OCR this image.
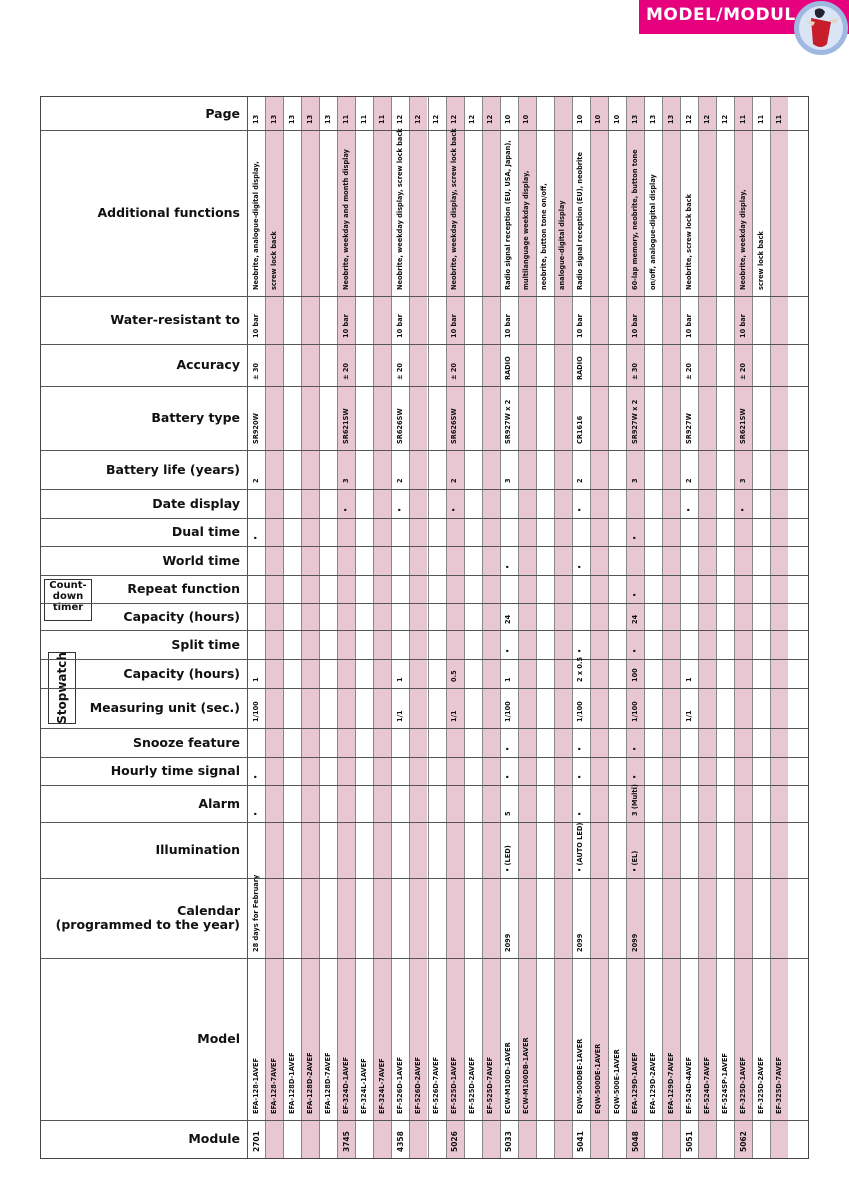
MODEL/MODUL
Count-
down
timer
Stopwatch
Page
Additional functions
Water-resistant to
Accuracy
Battery type
Battery life (years)
Date display
Dual time
World time
Repeat function
Capacity (hours)
Split time
Capacity (hours)
Measuring unit (sec.)
Snooze feature
Hourly time signal
Alarm
Illumination
Calendar
(programmed to the year)
Model
Module
13
Neobrite, analogue-digital display,
10 bar
± 30
SR920W
2
•
1
1/100
•
•
28 days for February
EFA-128-1AVEF
2701
13
screw lock back
EFA-128-7AVEF
13
EFA-128D-1AVEF
13
EFA-128D-2AVEF
13
EFA-128D-7AVEF
11
Neobrite, weekday and month display
10 bar
± 20
SR621SW
3
•
EF-324D-1AVEF
3745
11
EF-324L-1AVEF
11
EF-324L-7AVEF
12
Neobrite, weekday display, screw lock back
10 bar
± 20
SR626SW
2
•
1
1/1
EF-526D-1AVEF
4358
12
EF-526D-2AVEF
12
EF-526D-7AVEF
12
Neobrite, weekday display, screw lock back
10 bar
± 20
SR626SW
2
•
0.5
1/1
EF-525D-1AVEF
5026
12
EF-525D-2AVEF
12
EF-525D-7AVEF
10
Radio signal reception (EU, USA, Japan),
10 bar
RADIO
SR927W x 2
3
•
24
•
1
1/100
•
•
5
• (LED)
2099
ECW-M100D-1AVER
5033
10
multilanguage weekday display,
ECW-M100DB-1AVER
neobrite, button tone on/off, analogue-digital display
10
Radio signal reception (EU), neobrite
10 bar
RADIO
CR1616
2
•
•
•
2 x 0.5
1/100
•
•
•
• (AUTO LED)
2099
EQW-500DBE-1AVER
5041
10
EQW-500DE-1AVER
10
EQW-500E-1AVER
13
60-lap memory, neobrite, button tone
10 bar
± 30
SR927W x 2
3
•
•
24
•
100
1/100
•
•
3 (Multi)
• (EL)
2099
EFA-129D-1AVEF
5048
13
on/off, analogue-digital display
EFA-129D-2AVEF
13
EFA-129D-7AVEF
12
Neobrite, screw lock back
10 bar
± 20
SR927W
2
•
1
1/1
EF-524D-4AVEF
5051
12
EF-524D-7AVEF
12
EF-524SP-1AVEF
11
Neobrite, weekday display,
10 bar
± 20
SR621SW
3
•
EF-325D-1AVEF
5062
11
screw lock back
EF-325D-2AVEF
11
EF-325D-7AVEF
